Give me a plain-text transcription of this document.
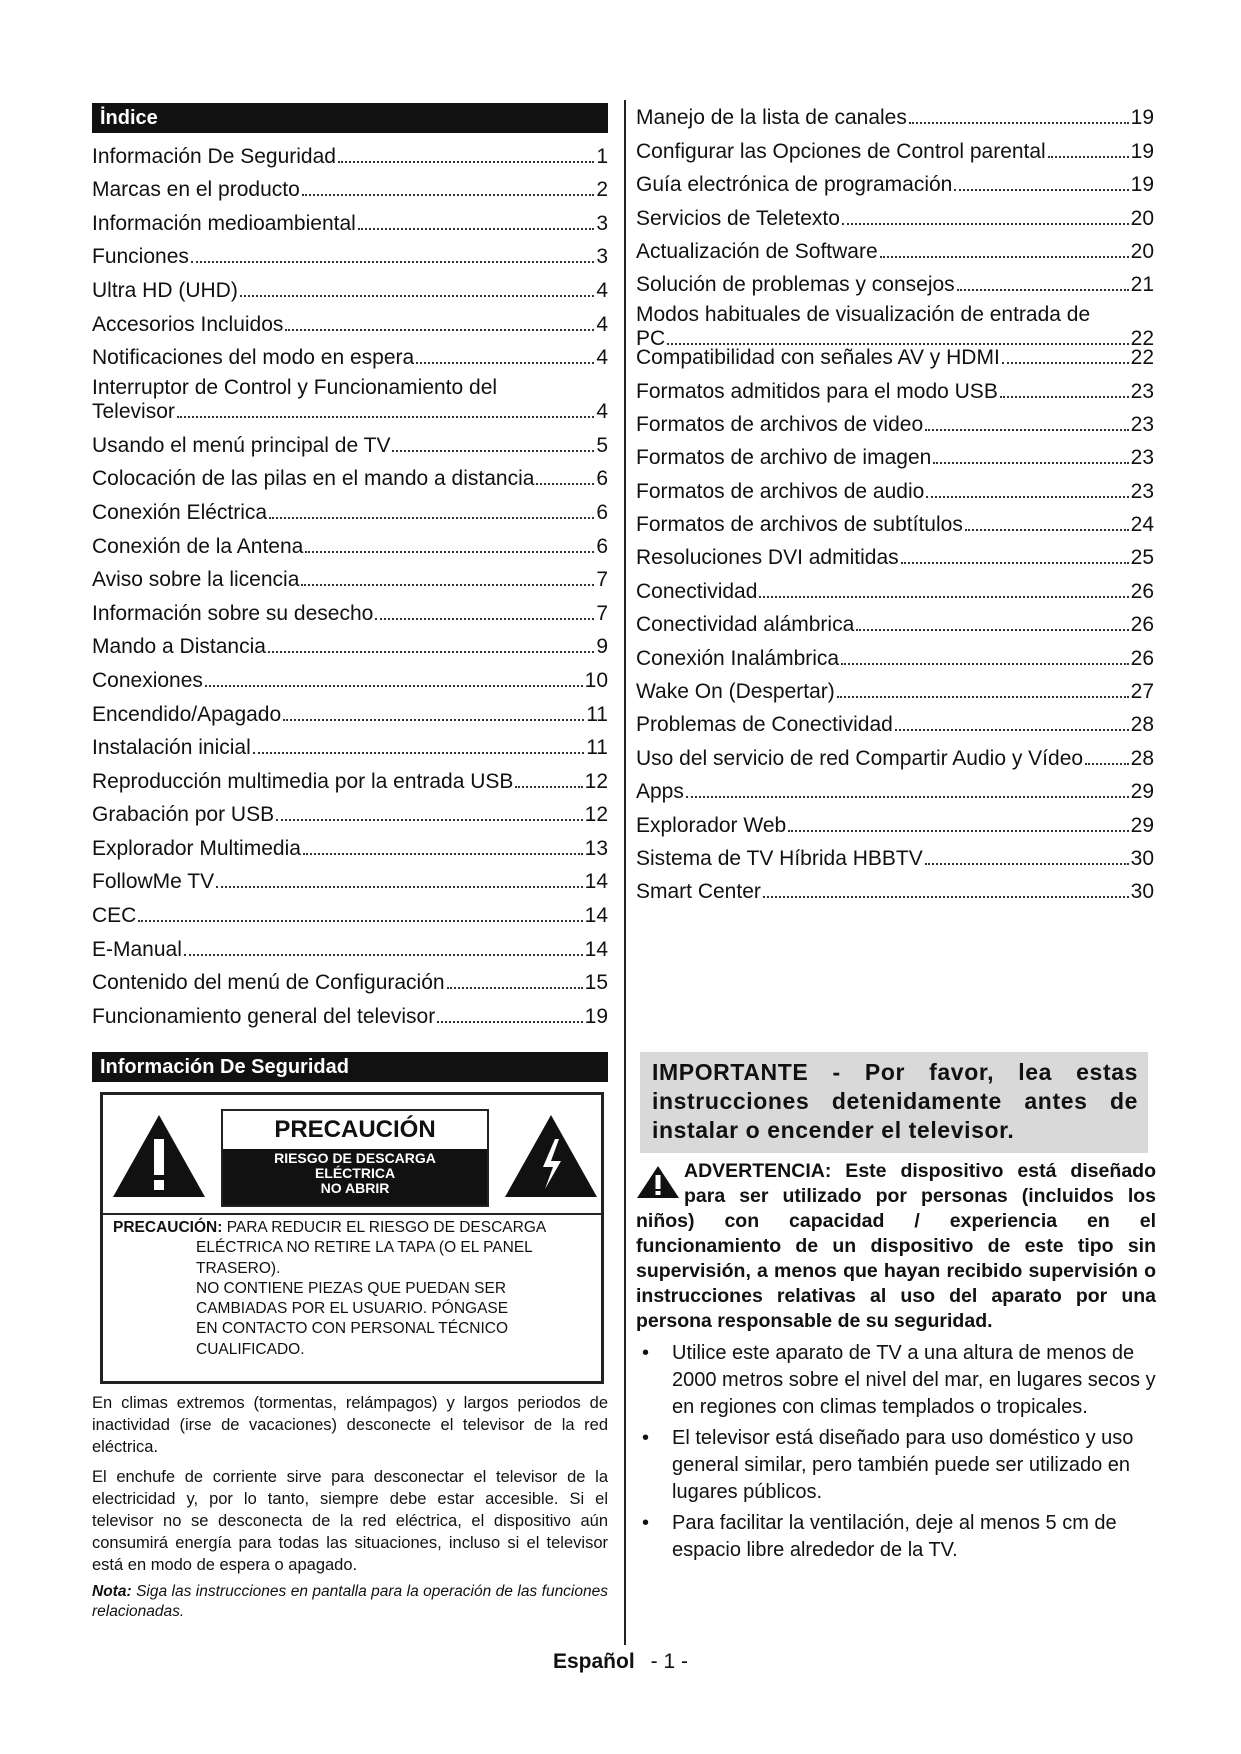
İndice
Información De Seguridad	1
Marcas en el producto	2
Información medioambiental	3
Funciones	3
Ultra HD (UHD)	4
Accesorios Incluidos	4
Notificaciones del modo en espera	4
Interruptor de Control y Funcionamiento del
Televisor	4
Usando el menú principal de TV	5
Colocación de las pilas en el mando a distancia	6
Conexión Eléctrica	6
Conexión de la Antena	6
Aviso sobre la licencia	7
Información sobre su desecho	7
Mando a Distancia	9
Conexiones	10
Encendido/Apagado	11
Instalación inicial	11
Reproducción multimedia por la entrada USB	12
Grabación por USB	12
Explorador Multimedia	13
FollowMe TV	14
CEC	14
E-Manual	14
Contenido del menú de Configuración	15
Funcionamiento general del televisor	19
Manejo de la lista de canales	19
Configurar las Opciones de Control parental	19
Guía electrónica de programación	19
Servicios de Teletexto	20
Actualización de Software	20
Solución de problemas y consejos	21
Modos habituales de visualización de entrada de
PC	22
Compatibilidad con señales AV y HDMI	22
Formatos admitidos para el modo USB	23
Formatos de archivos de video	23
Formatos de archivo de imagen	23
Formatos de archivos de audio	23
Formatos de archivos de subtítulos	24
Resoluciones DVI admitidas	25
Conectividad	26
Conectividad alámbrica	26
Conexión Inalámbrica	26
Wake On (Despertar)	27
Problemas de Conectividad	28
Uso del servicio de red Compartir Audio y Vídeo 28
Apps	29
Explorador Web	29
Sistema de TV Híbrida HBBTV	30
Smart Center	30
Información De Seguridad
PRECAUCIÓN
RIESGO DE DESCARGA
ELÉCTRICA
NO ABRIR
PRECAUCIÓN: PARA REDUCIR EL RIESGO DE DESCARGA
ELÉCTRICA NO RETIRE LA TAPA (O EL PANEL
TRASERO).
NO CONTIENE PIEZAS QUE PUEDAN SER
CAMBIADAS POR EL USUARIO. PÓNGASE
EN CONTACTO CON PERSONAL TÉCNICO
CUALIFICADO.

En climas extremos (tormentas, relámpagos) y largos periodos de inactividad (irse de vacaciones) desconecte el televisor de la red eléctrica.

El enchufe de corriente sirve para desconectar el televisor de la electricidad y, por lo tanto, siempre debe estar accesible. Si el televisor no se desconecta de la red eléctrica, el dispositivo aún consumirá energía para todas las situaciones, incluso si el televisor está en modo de espera o apagado.

Nota: Siga las instrucciones en pantalla para la operación de las funciones relacionadas.
IMPORTANTE - Por favor, lea estas instrucciones detenidamente antes de instalar o encender el televisor.
ADVERTENCIA: Este dispositivo está diseñado para ser utilizado por personas (incluidos los niños) con capacidad / experiencia en el funcionamiento de un dispositivo de este tipo sin supervisión, a menos que hayan recibido supervisión o instrucciones relativas al uso del aparato por una persona responsable de su seguridad.
•	Utilice este aparato de TV a una altura de menos de 2000 metros sobre el nivel del mar, en lugares secos y en regiones con climas templados o tropicales.
•	El televisor está diseñado para uso doméstico y uso general similar, pero también puede ser utilizado en lugares públicos.
•	Para facilitar la ventilación, deje al menos 5 cm de espacio libre alrededor de la TV.
Español - 1 -
